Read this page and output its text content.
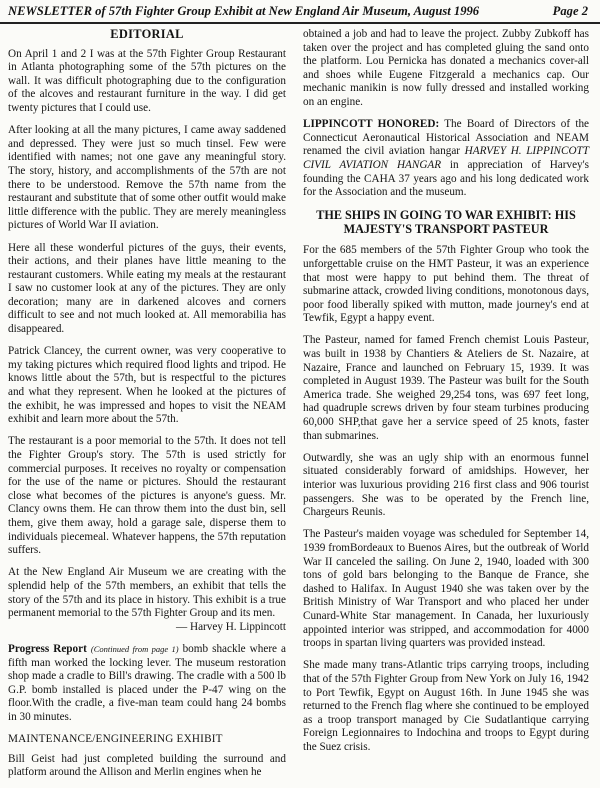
NEWSLETTER of 57th Fighter Group Exhibit at New England Air Museum, August 1996	Page 2
EDITORIAL

On April 1 and 2 I was at the 57th Fighter Group Restaurant in Atlanta photographing some of the 57th pictures on the wall. It was difficult photographing due to the configuration of the alcoves and restaurant furniture in the way. I did get twenty pictures that I could use.

After looking at all the many pictures, I came away saddened and depressed. They were just so much tinsel. Few were identified with names; not one gave any meaningful story. The story, history, and accomplishments of the 57th are not there to be understood. Remove the 57th name from the restaurant and substitute that of some other outfit would make little difference with the public. They are merely meaningless pictures of World War II aviation.

Here all these wonderful pictures of the guys, their events, their actions, and their planes have little meaning to the restaurant customers. While eating my meals at the restaurant I saw no customer look at any of the pictures. They are only decoration; many are in darkened alcoves and corners difficult to see and not much looked at. All memorabilia has disappeared.

Patrick Clancey, the current owner, was very cooperative to my taking pictures which required flood lights and tripod. He knows little about the 57th, but is respectful to the pictures and what they represent. When he looked at the pictures of the exhibit, he was impressed and hopes to visit the NEAM exhibit and learn more about the 57th.

The restaurant is a poor memorial to the 57th. It does not tell the Fighter Group's story. The 57th is used strictly for commercial purposes. It receives no royalty or compensation for the use of the name or pictures. Should the restaurant close what becomes of the pictures is anyone's guess. Mr. Clancy owns them. He can throw them into the dust bin, sell them, give them away, hold a garage sale, disperse them to individuals piecemeal. Whatever happens, the 57th reputation suffers.

At the New England Air Museum we are creating with the splendid help of the 57th members, an exhibit that tells the story of the 57th and its place in history. This exhibit is a true permanent memorial to the 57th Fighter Group and its men.
— Harvey H. Lippincott

Progress Report (Continued from page 1) bomb shackle where a fifth man worked the locking lever. The museum restoration shop made a cradle to Bill's drawing. The cradle with a 500 lb G.P. bomb installed is placed under the P-47 wing on the floor.With the cradle, a five-man team could hang 24 bombs in 30 minutes.

MAINTENANCE/ENGINEERING EXHIBIT

Bill Geist had just completed building the surround and platform around the Allison and Merlin engines when he

obtained a job and had to leave the project. Zubby Zubkoff has taken over the project and has completed gluing the sand onto the platform. Lou Pernicka has donated a mechanics cover-all and shoes while Eugene Fitzgerald a mechanics cap. Our mechanic manikin is now fully dressed and installed working on an engine.

LIPPINCOTT HONORED: The Board of Directors of the Connecticut Aeronautical Historical Association and NEAM renamed the civil aviation hangar HARVEY H. LIPPINCOTT CIVIL AVIATION HANGAR in appreciation of Harvey's founding the CAHA 37 years ago and his long dedicated work for the Association and the museum.

THE SHIPS IN GOING TO WAR EXHIBIT: HIS MAJESTY'S TRANSPORT PASTEUR

For the 685 members of the 57th Fighter Group who took the unforgettable cruise on the HMT Pasteur, it was an experience that most were happy to put behind them. The threat of submarine attack, crowded living conditions, monotonous days, poor food liberally spiked with mutton, made journey's end at Tewfik, Egypt a happy event.

The Pasteur, named for famed French chemist Louis Pasteur, was built in 1938 by Chantiers & Ateliers de St. Nazaire, at Nazaire, France and launched on February 15, 1939. It was completed in August 1939. The Pasteur was built for the South America trade. She weighed 29,254 tons, was 697 feet long, had quadruple screws driven by four steam turbines producing 60,000 SHP,that gave her a service speed of 25 knots, faster than submarines.

Outwardly, she was an ugly ship with an enormous funnel situated considerably forward of amidships. However, her interior was luxurious providing 216 first class and 906 tourist passengers. She was to be operated by the French line, Chargeurs Reunis.

The Pasteur's maiden voyage was scheduled for September 14, 1939 fromBordeaux to Buenos Aires, but the outbreak of World War II canceled the sailing. On June 2, 1940, loaded with 300 tons of gold bars belonging to the Banque de France, she dashed to Halifax. In August 1940 she was taken over by the British Ministry of War Transport and who placed her under Cunard-White Star management. In Canada, her luxuriously appointed interior was stripped, and accommodation for 4000 troops in spartan living quarters was provided instead.

She made many trans-Atlantic trips carrying troops, including that of the 57th Fighter Group from New York on July 16, 1942 to Port Tewfik, Egypt on August 16th. In June 1945 she was returned to the French flag where she continued to be employed as a troop transport managed by Cie Sudatlantique carrying Foreign Legionnaires to Indochina and troops to Egypt during the Suez crisis.
